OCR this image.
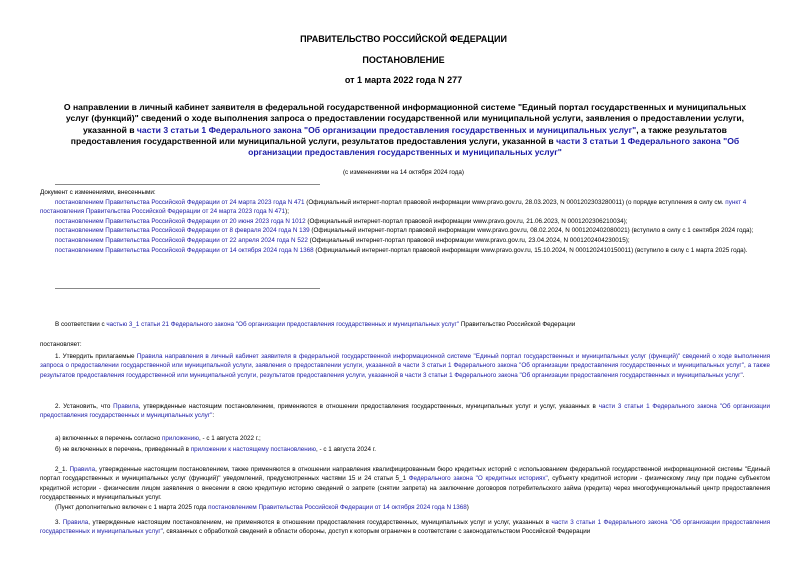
ПРАВИТЕЛЬСТВО РОССИЙСКОЙ ФЕДЕРАЦИИ
ПОСТАНОВЛЕНИЕ
от 1 марта 2022 года N 277
О направлении в личный кабинет заявителя в федеральной государственной информационной системе "Единый портал государственных и муниципальных услуг (функций)" сведений о ходе выполнения запроса о предоставлении государственной или муниципальной услуги, заявления о предоставлении услуги, указанной в части 3 статьи 1 Федерального закона "Об организации предоставления государственных и муниципальных услуг", а также результатов предоставления государственной или муниципальной услуги, результатов предоставления услуги, указанной в части 3 статьи 1 Федерального закона "Об организации предоставления государственных и муниципальных услуг"
(с изменениями на 14 октября 2024 года)

Документ с изменениями, внесенными:

постановлением Правительства Российской Федерации от 24 марта 2023 года N 471 (Официальный интернет-портал правовой информации www.pravo.gov.ru, 28.03.2023, N 0001202303280011) (о порядке вступления в силу см. пункт 4 постановления Правительства Российской Федерации от 24 марта 2023 года N 471);

постановлением Правительства Российской Федерации от 20 июня 2023 года N 1012 (Официальный интернет-портал правовой информации www.pravo.gov.ru, 21.06.2023, N 0001202306210034);

постановлением Правительства Российской Федерации от 8 февраля 2024 года N 139 (Официальный интернет-портал правовой информации www.pravo.gov.ru, 08.02.2024, N 0001202402080021) (вступило в силу с 1 сентября 2024 года);

постановлением Правительства Российской Федерации от 22 апреля 2024 года N 522 (Официальный интернет-портал правовой информации www.pravo.gov.ru, 23.04.2024, N 0001202404230015);

постановлением Правительства Российской Федерации от 14 октября 2024 года N 1368 (Официальный интернет-портал правовой информации www.pravo.gov.ru, 15.10.2024, N 0001202410150011) (вступило в силу с 1 марта 2025 года).

В соответствии с частью 3_1 статьи 21 Федерального закона "Об организации предоставления государственных и муниципальных услуг" Правительство Российской Федерации

постановляет:

1. Утвердить прилагаемые Правила направления в личный кабинет заявителя в федеральной государственной информационной системе "Единый портал государственных и муниципальных услуг (функций)" сведений о ходе выполнения запроса о предоставлении государственной или муниципальной услуги, заявления о предоставлении услуги, указанной в части 3 статьи 1 Федерального закона "Об организации предоставления государственных и муниципальных услуг", а также результатов предоставления государственной или муниципальной услуги, результатов предоставления услуги, указанной в части 3 статьи 1 Федерального закона "Об организации предоставления государственных и муниципальных услуг".

2. Установить, что Правила, утвержденные настоящим постановлением, применяются в отношении предоставления государственных, муниципальных услуг и услуг, указанных в части 3 статьи 1 Федерального закона "Об организации предоставления государственных и муниципальных услуг":

а) включенных в перечень согласно приложению, - с 1 августа 2022 г.;

б) не включенных в перечень, приведенный в приложении к настоящему постановлению, - с 1 августа 2024 г.

2_1. Правила, утвержденные настоящим постановлением, также применяются в отношении направления квалифицированным бюро кредитных историй с использованием федеральной государственной информационной системы "Единый портал государственных и муниципальных услуг (функций)" уведомлений, предусмотренных частями 15 и 24 статьи 5_1 Федерального закона "О кредитных историях", субъекту кредитной истории - физическому лицу при подаче субъектом кредитной истории - физическим лицом заявления о внесении в свою кредитную историю сведений о запрете (снятии запрета) на заключение договоров потребительского займа (кредита) через многофункциональный центр предоставления государственных и муниципальных услуг.

(Пункт дополнительно включен с 1 марта 2025 года постановлением Правительства Российской Федерации от 14 октября 2024 года N 1368)

3. Правила, утвержденные настоящим постановлением, не применяются в отношении предоставления государственных, муниципальных услуг и услуг, указанных в части 3 статьи 1 Федерального закона "Об организации предоставления государственных и муниципальных услуг", связанных с обработкой сведений в области обороны, доступ к которым ограничен в соответствии с законодательством Российской Федерации
